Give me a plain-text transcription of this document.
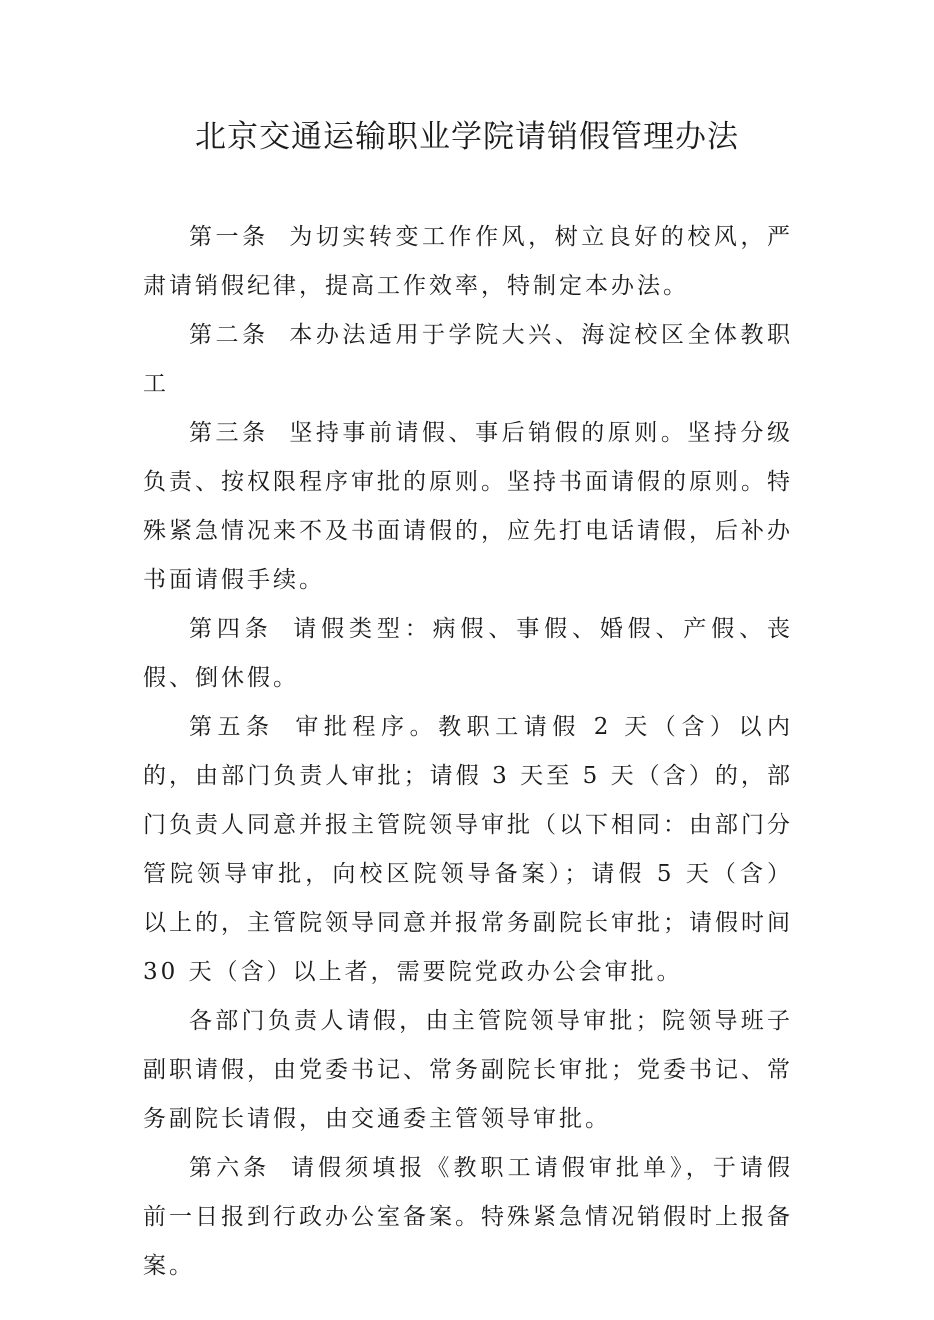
北京交通运输职业学院请销假管理办法

第一条 为切实转变工作作风，树立良好的校风，严肃请销假纪律，提高工作效率，特制定本办法。

第二条 本办法适用于学院大兴、海淀校区全体教职工

第三条 坚持事前请假、事后销假的原则。坚持分级负责、按权限程序审批的原则。坚持书面请假的原则。特殊紧急情况来不及书面请假的，应先打电话请假，后补办书面请假手续。

第四条 请假类型：病假、事假、婚假、产假、丧假、倒休假。

第五条 审批程序。教职工请假 2 天（含）以内的，由部门负责人审批；请假 3 天至 5 天（含）的，部门负责人同意并报主管院领导审批（以下相同：由部门分管院领导审批，向校区院领导备案）；请假 5 天（含）以上的，主管院领导同意并报常务副院长审批；请假时间 30 天（含）以上者，需要院党政办公会审批。

各部门负责人请假，由主管院领导审批；院领导班子副职请假，由党委书记、常务副院长审批；党委书记、常务副院长请假，由交通委主管领导审批。

第六条 请假须填报《教职工请假审批单》，于请假前一日报到行政办公室备案。特殊紧急情况销假时上报备案。
